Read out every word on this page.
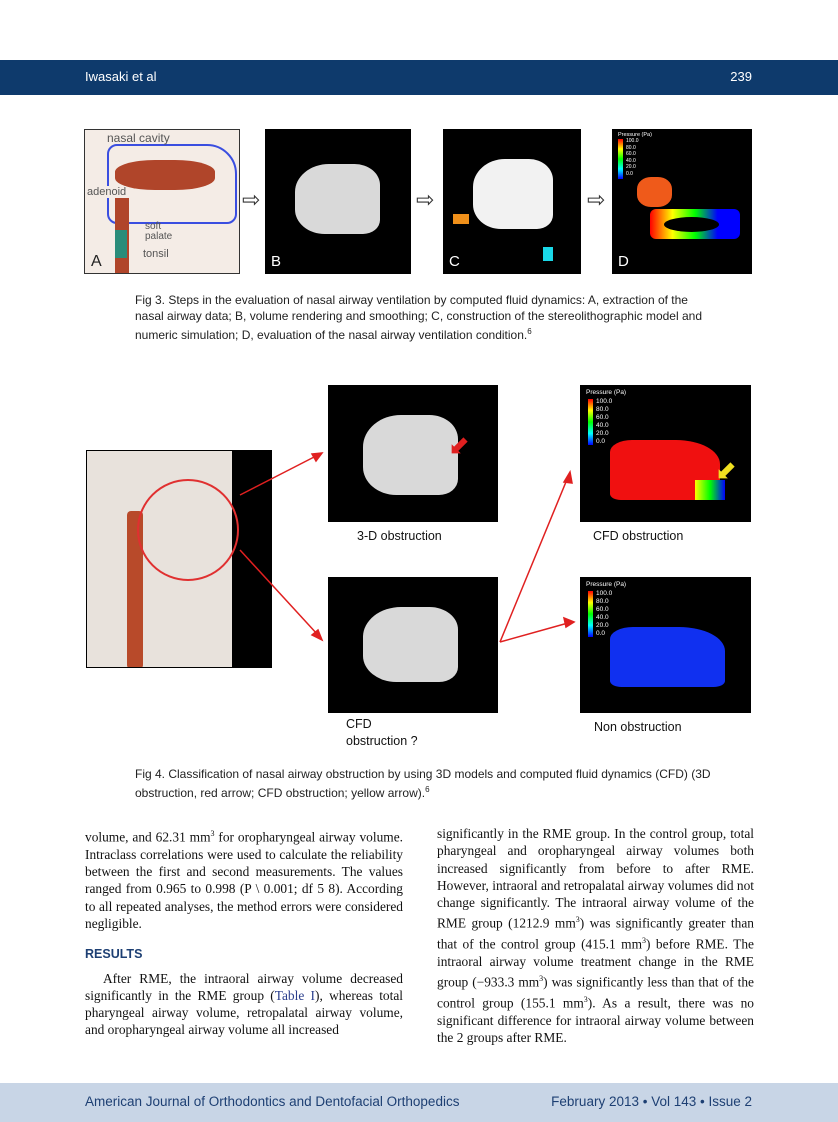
Iwasaki et al	239
nasal cavity
adenoid
soft palate
tonsil
A
⇨
B
⇨
C
⇨
Pressure (Pa)
100.0
80.0
60.0
40.0
20.0
0.0
D

Fig 3. Steps in the evaluation of nasal airway ventilation by computed fluid dynamics: A, extraction of the nasal airway data; B, volume rendering and smoothing; C, construction of the stereolithographic model and numeric simulation; D, evaluation of the nasal airway ventilation condition.$^6$

⬋
3-D obstruction
Pressure (Pa)
100.0
80.0
60.0
40.0
20.0
0.0
⬋
CFD obstruction
CFD
obstruction ?
Pressure (Pa)
100.0
80.0
60.0
40.0
20.0
0.0
Non obstruction

Fig 4. Classification of nasal airway obstruction by using 3D models and computed fluid dynamics (CFD) (3D obstruction, red arrow; CFD obstruction; yellow arrow).$^6$

volume, and 62.31 $mm^3$ for oropharyngeal airway volume. Intraclass correlations were used to calculate the reliability between the first and second measurements. The values ranged from 0.965 to 0.998 (P \ 0.001; df 5 8). According to all repeated analyses, the method errors were considered negligible.

RESULTS

After RME, the intraoral airway volume decreased significantly in the RME group (Table I), whereas total pharyngeal airway volume, retropalatal airway volume, and oropharyngeal airway volume all increased

significantly in the RME group. In the control group, total pharyngeal and oropharyngeal airway volumes both increased significantly from before to after RME. However, intraoral and retropalatal airway volumes did not change significantly. The intraoral airway volume of the RME group (1212.9 $mm^3$) was significantly greater than that of the control group (415.1 $mm^3$) before RME. The intraoral airway volume treatment change in the RME group (−933.3 $mm^3$) was significantly less than that of the control group (155.1 $mm^3$). As a result, there was no significant difference for intraoral airway volume between the 2 groups after RME.

American Journal of Orthodontics and Dentofacial Orthopedics	February 2013 • Vol 143 • Issue 2
